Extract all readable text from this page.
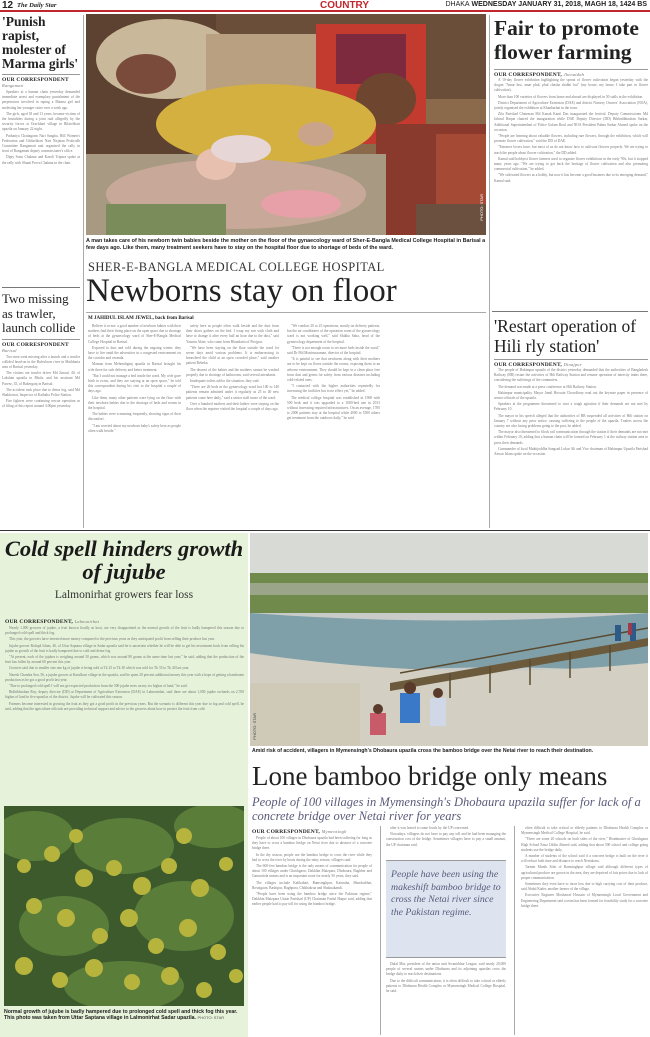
12 The Daily Star	COUNTRY	DHAKA WEDNESDAY JANUARY 31, 2018, MAGH 18, 1424 BS
'Punish rapist, molester of Marma girls'
OUR CORRESPONDENT
Rangamati

Speakers at a human chain yesterday demanded immediate arrest and exemplary punishment of the perpetrators involved in raping a Marma girl and molesting her younger sister over a week ago.

The girls, aged 18 and 13 years, became victims of the brutalities during a joint raid allegedly by the security forces at Orachhari village in Bilaichhari upazila on January 22 night.

Parbattya Chattagram Nari Sangha, Hill Women's Federation and Ghilachhari Nari Nirjatan Protirodh Committee Rangamati unit organised the rally in front of Rangamati deputy commissioner's office.

Dipty Sonu Chakma and Kasoli Tripura spoke at the rally with Shanti Prova Chakma in the chair.

Two missing as trawler, launch collide
OUR CORRESPONDENT
Barisal

Two men went missing after a launch and a trawler collided head-on in the Buleshwar river in Mathbaria area of Barisal yesterday.

The victims are trawler driver Md Jiaraul, 40, of Lakshan upazila in Bhola, and his assistant Md Parvez, 35, of Bakerganj in Barisal.

The accident took place due to dense fog, said Md Shakhawat, Inspector of Kathalia Police Station.

Fire fighters were continuing rescue operation as of filing of this report around 4:00pm yesterday.

PHOTO: STAR
A man takes care of his newborn twin babies beside the mother on the floor of the gynaecology ward of Sher-E-Bangla Medical College Hospital in Barisal a few days ago. Like them, many treatment seekers have to stay on the hospital floor due to shortage of beds of the ward.
SHER-E-BANGLA MEDICAL COLLEGE HOSPITAL
Newborns stay on floor
M JAHIDUL ISLAM JEWEL, back from Barisal

Believe it or not: a good number of newborn babies with their mothers find their living place on the open space due to shortage of beds at the gynaecology ward of Sher-E-Bangla Medical College Hospital in Barisal.

Exposed to dust and cold during the ongoing winter, they have to live amid the adversities in a congested environment on the corridor and veranda.

Mamun from Mehendiganj upazila in Barisal brought his wife there for safe delivery and better treatment.

"But I could not manage a bed inside the ward. My wife gave birth to twins, and they are staying at an open space," he told this correspondent during his visit to the hospital a couple of days ago.

Like them, many other patients were lying on the floor with their newborn babies due to the shortage of beds and rooms in the hospital.

The babies were screaming frequently, showing signs of their discomfort.

"I am worried about my newborn baby's safety here as people often walk beside."

safety here as people often walk beside and the dust from their shoes gathers on the bed. I wrap my son with cloth and have to change it after every half an hour due to the dust," said Yasmin Akter, who came from Bhandaria of Pirojpur.

"We have been staying on the floor outside the ward for seven days amid various problems. It is embarrassing to breastfeed the child at an open crowded place," said another patient Rebeka.

The dearest of the babies and the mothers cannot be washed properly due to shortage of bathrooms, said several attendants.

Inadequate toilets add to the situation, they said.

"There are 26 beds in the gynaecology ward but 100 to 140 patients remain admitted under it regularly as 25 to 40 new patients come here daily," said a senior staff nurse of the ward.

Over a hundred mothers and their babies were staying on the floor when the reporter visited the hospital a couple of days ago.

"We conduct 20 to 25 operations, mostly on delivery patients, but the air conditioner of the operation room of the gynaecology ward is not working well," said Shikha Saha, head of the gynaecology department of the hospital.

"There is not enough room to set more beds inside the ward," said Dr Md Moniruzzaman, director of the hospital.

"It is painful to see that newborns along with their mothers are to be kept on floors outside the rooms, exposing them to an adverse environment. They should be kept in a clean place free from dust and germs for safety from various diseases including cold-related ones.

"I contacted with the higher authorities repeatedly for increasing the facilities but to no effect yet," he added.

The medical college hospital was established in 1968 with 500 beds and it was upgraded to a 1000-bed one in 2013 without increasing required infrastructures. On an average, 1700 to 2000 patients stay at the hospital while 4000 to 5500 others get treatment from the outdoors daily," he said.

Fair to promote flower farming
OUR CORRESPONDENT, Jhenaidah

A 10-day flower exhibition highlighting the sprout of flower cultivation began yesterday with the slogan "Amar lust, amar phul, phul chasha shubhi hoi" (my house, my home, I take part in flower cultivation).

More than 100 varieties of flowers from home and abroad are displayed in 50 stalls in the exhibition.

District Department of Agriculture Extension (DAE) and district Nursery Owners' Association (NOA), jointly organised the exhibition at Khankarhat in the town.

Zila Parishad Chairman Md Kanak Kanti Das inaugurated the festival. Deputy Commissioner Md Jahirul Haque chaired the inauguration while DAE Deputy Director (DD) Bibhutibhushan Sarkar, Additional Superintendent of Police Golam Rouf and NOA President Pabna Sarkar Ahmed spoke on the occasion.

"People are learning about valuable flowers, including rare flowers, through the exhibition, which will promote flower cultivation," said the DD of DAE.

"Entrance lovers have, but most of us do not know how to cultivate flowers properly. We are trying to teach the people about flower cultivation," the DD added.

Kamal said hobbyist flower farmers used to organise flower exhibitions in the early '90s, but it stopped many years ago. "We are trying to get back the heritage of flower cultivation and also promoting commercial cultivation," he added.

"We cultivated flowers as a hobby, but now it has become a good business due to its emerging demand," Kamal said.

'Restart operation of Hili rly station'
OUR CORRESPONDENT, Dinajpur

The people of Hakimpur upazila of the district yesterday demanded that the authorities of Bangladesh Railway (BR) restart the activities of Hili Railway Station and resume operation of intercity trains there, considering the sufferings of the commuters.

The demand was made at a press conference at Hili Railway Station.

Hakimpur municipality Mayor Jamil Hossain Chowdhury read out the keynote paper in presence of senior officials of the upazila.

Speakers at the programme threatened to start a tough agitation if their demands are not met by February 10.

The mayor in his speech alleged that the authorities of BR suspended all activities of Hili station on January 7 without any prior notice, causing suffering to the people of the upazila. Traders across the country are also facing problems going to the port, he added.

The mayor also threatened to block rail communication through the station if their demands are not met within February 10, adding that a human chain will be formed on February 1 at the railway station area to press their demands.

Commander of local Muktijoddha Sangsad Lokur Ali and Vice chairman of Hakimpur Upazila Parishad Anwar Islam spoke on the occasion.

Cold spell hinders growth of jujube
Lalmonirhat growers fear loss
OUR CORRESPONDENT, Lalmonirhat

Nearly 1,000 growers of jujube, a fruit known locally as kooi, are very disappointed as the normal growth of the fruit is badly hampered this season due to prolonged cold spell and thick fog.

This year, the growers have invested more money compared to the previous years as they anticipated profit from selling their produce last year.

Jujube grower Rafiqul Islam, 46, of Uttar Saptana village in Sadar upazila said he is uncertain whether he will be able to get his investment back from selling his jujube as growth of the fruit is badly hampered due to cold and dense fog.

"At present, each of the jujubes is weighing around 30 grams, which was around 80 grams at the same time last year," he said, adding that the production of the fruit has fallen by around 60 percent this year.

Growers said due to smaller size one kg of jujube is being sold at Tk 25 to Tk 30 which was sold for Tk 35 to Tk 40 last year.

Naresh Chandra Sen, 56, a jujube grower at Kurulkuri village in the upazila, said he spent 20 percent additional money this year with a hope of getting a handsome production as he got a good profit last year.

"Due to prolonged cold spell I will not get expected production from the 500 jujube trees on my six bighas of land," he said.

Bidhibhushan Roy, deputy director (DD) at Department of Agriculture Extension (DAE) in Lalmonirhat, said there are about 1,000 jujube orchards on 2,760 bighas of land in five upazilas of the district. Jujube will be cultivated this season.

Farmers become interested in growing the fruit as they got a good profit in the previous years. But the scenario is different this year due to fog and cold spell, he said, adding that the agriculture officials are providing technical support and advice to the growers about how to protect the fruit from cold.

Normal growth of jujube is badly hampered due to prolonged cold spell and thick fog this year. This photo was taken from Uttar Saptana village in Lalmonirhat Sadar upazila. PHOTO: STAR
PHOTO: STAR
Amid risk of accident, villagers in Mymensingh's Dhobaura upazila cross the bamboo bridge over the Netai river to reach their destination.
Lone bamboo bridge only means
People of 100 villages in Mymensingh's Dhobaura upazila suffer for lack of a concrete bridge over Netai river for years
OUR CORRESPONDENT, Mymensingh

People of about 100 villages in Dhobaura upazila had been suffering for long as they have to cross a bamboo bridge on Netai river due to absence of a concrete bridge there.

In the dry season, people use the bamboo bridge to cross the river while they had to cross the river by boats during the rainy season, villagers said.

The 600-feet bamboo bridge is the only means of communication for people of about 100 villages under Ghoshgaon, Dakkhin Maizpara, Dhobaura, Baghber and Gamaritola unions and is an important route for nearly 50 years, they said.

The villages include Kalikabari, Ramsinghpur, Katuntha, Mundurbhat, Rosnigaon, Bashipur, Baghpara, Chikhakrua and Shakuakandi.

"People have been using the bamboo bridge since the Pakistan regime," Dakkhin Maizpara Union Parishad (UP) Chairman Fazlul Haque said, adding that earlier people had to pay toll for using the bamboo bridge.

after it was leased to some locals by the UP concerned.

Nowadays, villagers do not have to pay any toll and he had been managing the construction cost of the bridge. Sometimes villagers have to pay a small amount, the UP chairman said.

People have been using the makeshift bamboo bridge to cross the Netai river since the Pakistan regime.

Dulal Mia, president of the union unit Swanirbhar League, said nearly 20,000 people of several unions under Dhobaura and its adjoining upazilas cross the bridge daily to reach their destinations.

Due to the difficult communication, it is often difficult to take critical or elderly patients to Dhobaura Health Complex or Mymensingh Medical College Hospital, he said.

often difficult to take critical or elderly patients to Dhobaura Health Complex or Mymensingh Medical College Hospital, he said.

"There are some 20 schools on both sides of the river," Headmaster of Ghoshgaon High School Enuz Uddin Ahmed said, adding that about 500 school and college going students use the bridge daily.

A number of students of the school said if a concrete bridge is built on the river it will reduce both time and distance to reach Netrakona.

Tarmin Monik Sifat of Ramsinghpur village said although different types of agricultural produce are grown in the area, they are deprived of fair prices due to lack of proper communication.

Sometimes they even have to incur loss due to high carrying cost of their produce, said Abdul Kader, another farmer of the village.

Executive Engineer Mosharraf Hossain of Mymensingh Local Government and Engineering Department said a team has been formed for feasibility study for a concrete bridge there.
